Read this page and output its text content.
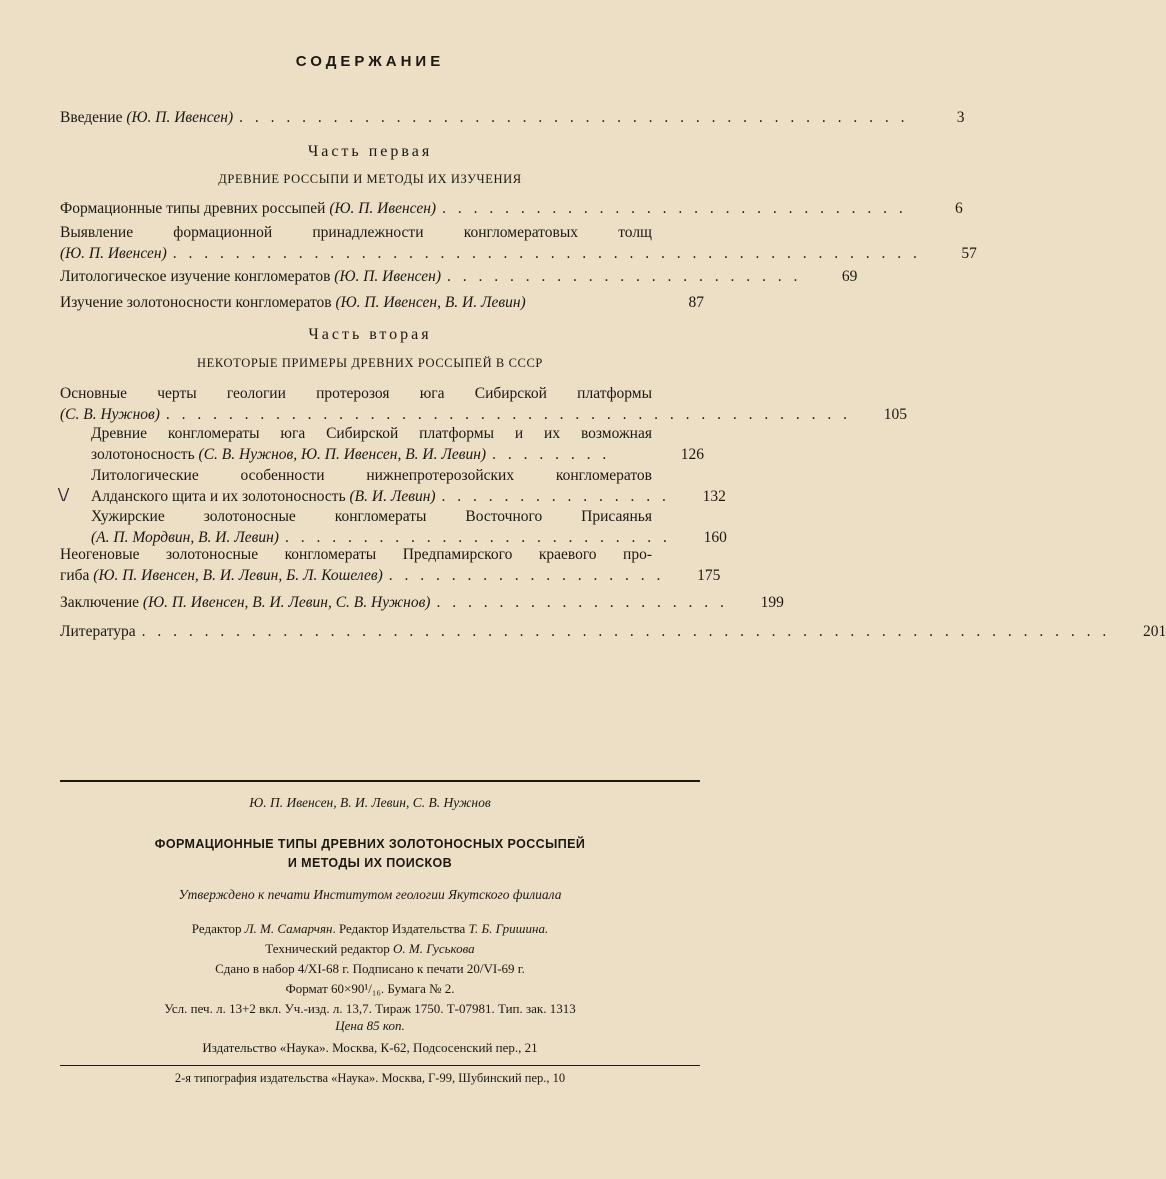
СОДЕРЖАНИЕ
Введение (Ю. П. Ивенсен) . . . . . . . . . . . . . . . . . . . . . . . . . . . . . . . . . . . . . . . . . . .	3
Часть первая
ДРЕВНИЕ РОССЫПИ И МЕТОДЫ ИХ ИЗУЧЕНИЯ
Формационные типы древних россыпей (Ю. П. Ивенсен) . . . . . . . . . . . . . . . . . . . . . . . . . . . . . .	6
Выявление формационной принадлежности конгломератовых толщ
(Ю. П. Ивенсен) . . . . . . . . . . . . . . . . . . . . . . . . . . . . . . . . . . . . . . . . . . . . . . . .	57
Литологическое изучение конгломератов (Ю. П. Ивенсен) . . . . . . . . . . . . . . . . . . . . . . .	69
Изучение золотоносности конгломератов (Ю. П. Ивенсен, В. И. Левин)	87
Часть вторая
НЕКОТОРЫЕ ПРИМЕРЫ ДРЕВНИХ РОССЫПЕЙ В СССР
Основные черты геологии протерозоя юга Сибирской платформы
(С. В. Нужнов) . . . . . . . . . . . . . . . . . . . . . . . . . . . . . . . . . . . . . . . . . . . .	105
Древние конгломераты юга Сибирской платформы и их возможная
золотоносность (С. В. Нужнов, Ю. П. Ивенсен, В. И. Левин) . . . . . . . .	126
\/
Литологические особенности нижнепротерозойских конгломератов
Алданского щита и их золотоносность (В. И. Левин) . . . . . . . . . . . . . . .	132
Хужирские золотоносные конгломераты Восточного Присаянья
(А. П. Мордвин, В. И. Левин) . . . . . . . . . . . . . . . . . . . . . . . . .	160
Неогеновые золотоносные конгломераты Предпамирского краевого про-
гиба (Ю. П. Ивенсен, В. И. Левин, Б. Л. Кошелев) . . . . . . . . . . . . . . . . . .	175
Заключение (Ю. П. Ивенсен, В. И. Левин, С. В. Нужнов) . . . . . . . . . . . . . . . . . . .	199
Литература . . . . . . . . . . . . . . . . . . . . . . . . . . . . . . . . . . . . . . . . . . . . . . . . . . . . . . . . . . . . . .	201
Ю. П. Ивенсен, В. И. Левин, С. В. Нужнов
ФОРМАЦИОННЫЕ ТИПЫ ДРЕВНИХ ЗОЛОТОНОСНЫХ РОССЫПЕЙ
И МЕТОДЫ ИХ ПОИСКОВ
Утверждено к печати Институтом геологии Якутского филиала
Редактор Л. М. Самарчян. Редактор Издательства Т. Б. Гришина.
Технический редактор О. М. Гуськова
Сдано в набор 4/XI-68 г. Подписано к печати 20/VI-69 г.
Формат 60×90¹/₁₆. Бумага № 2.
Усл. печ. л. 13+2 вкл. Уч.-изд. л. 13,7. Тираж 1750. Т-07981. Тип. зак. 1313
Цена 85 коп.
Издательство «Наука». Москва, К-62, Подсосенский пер., 21
2-я типография издательства «Наука». Москва, Г-99, Шубинский пер., 10
